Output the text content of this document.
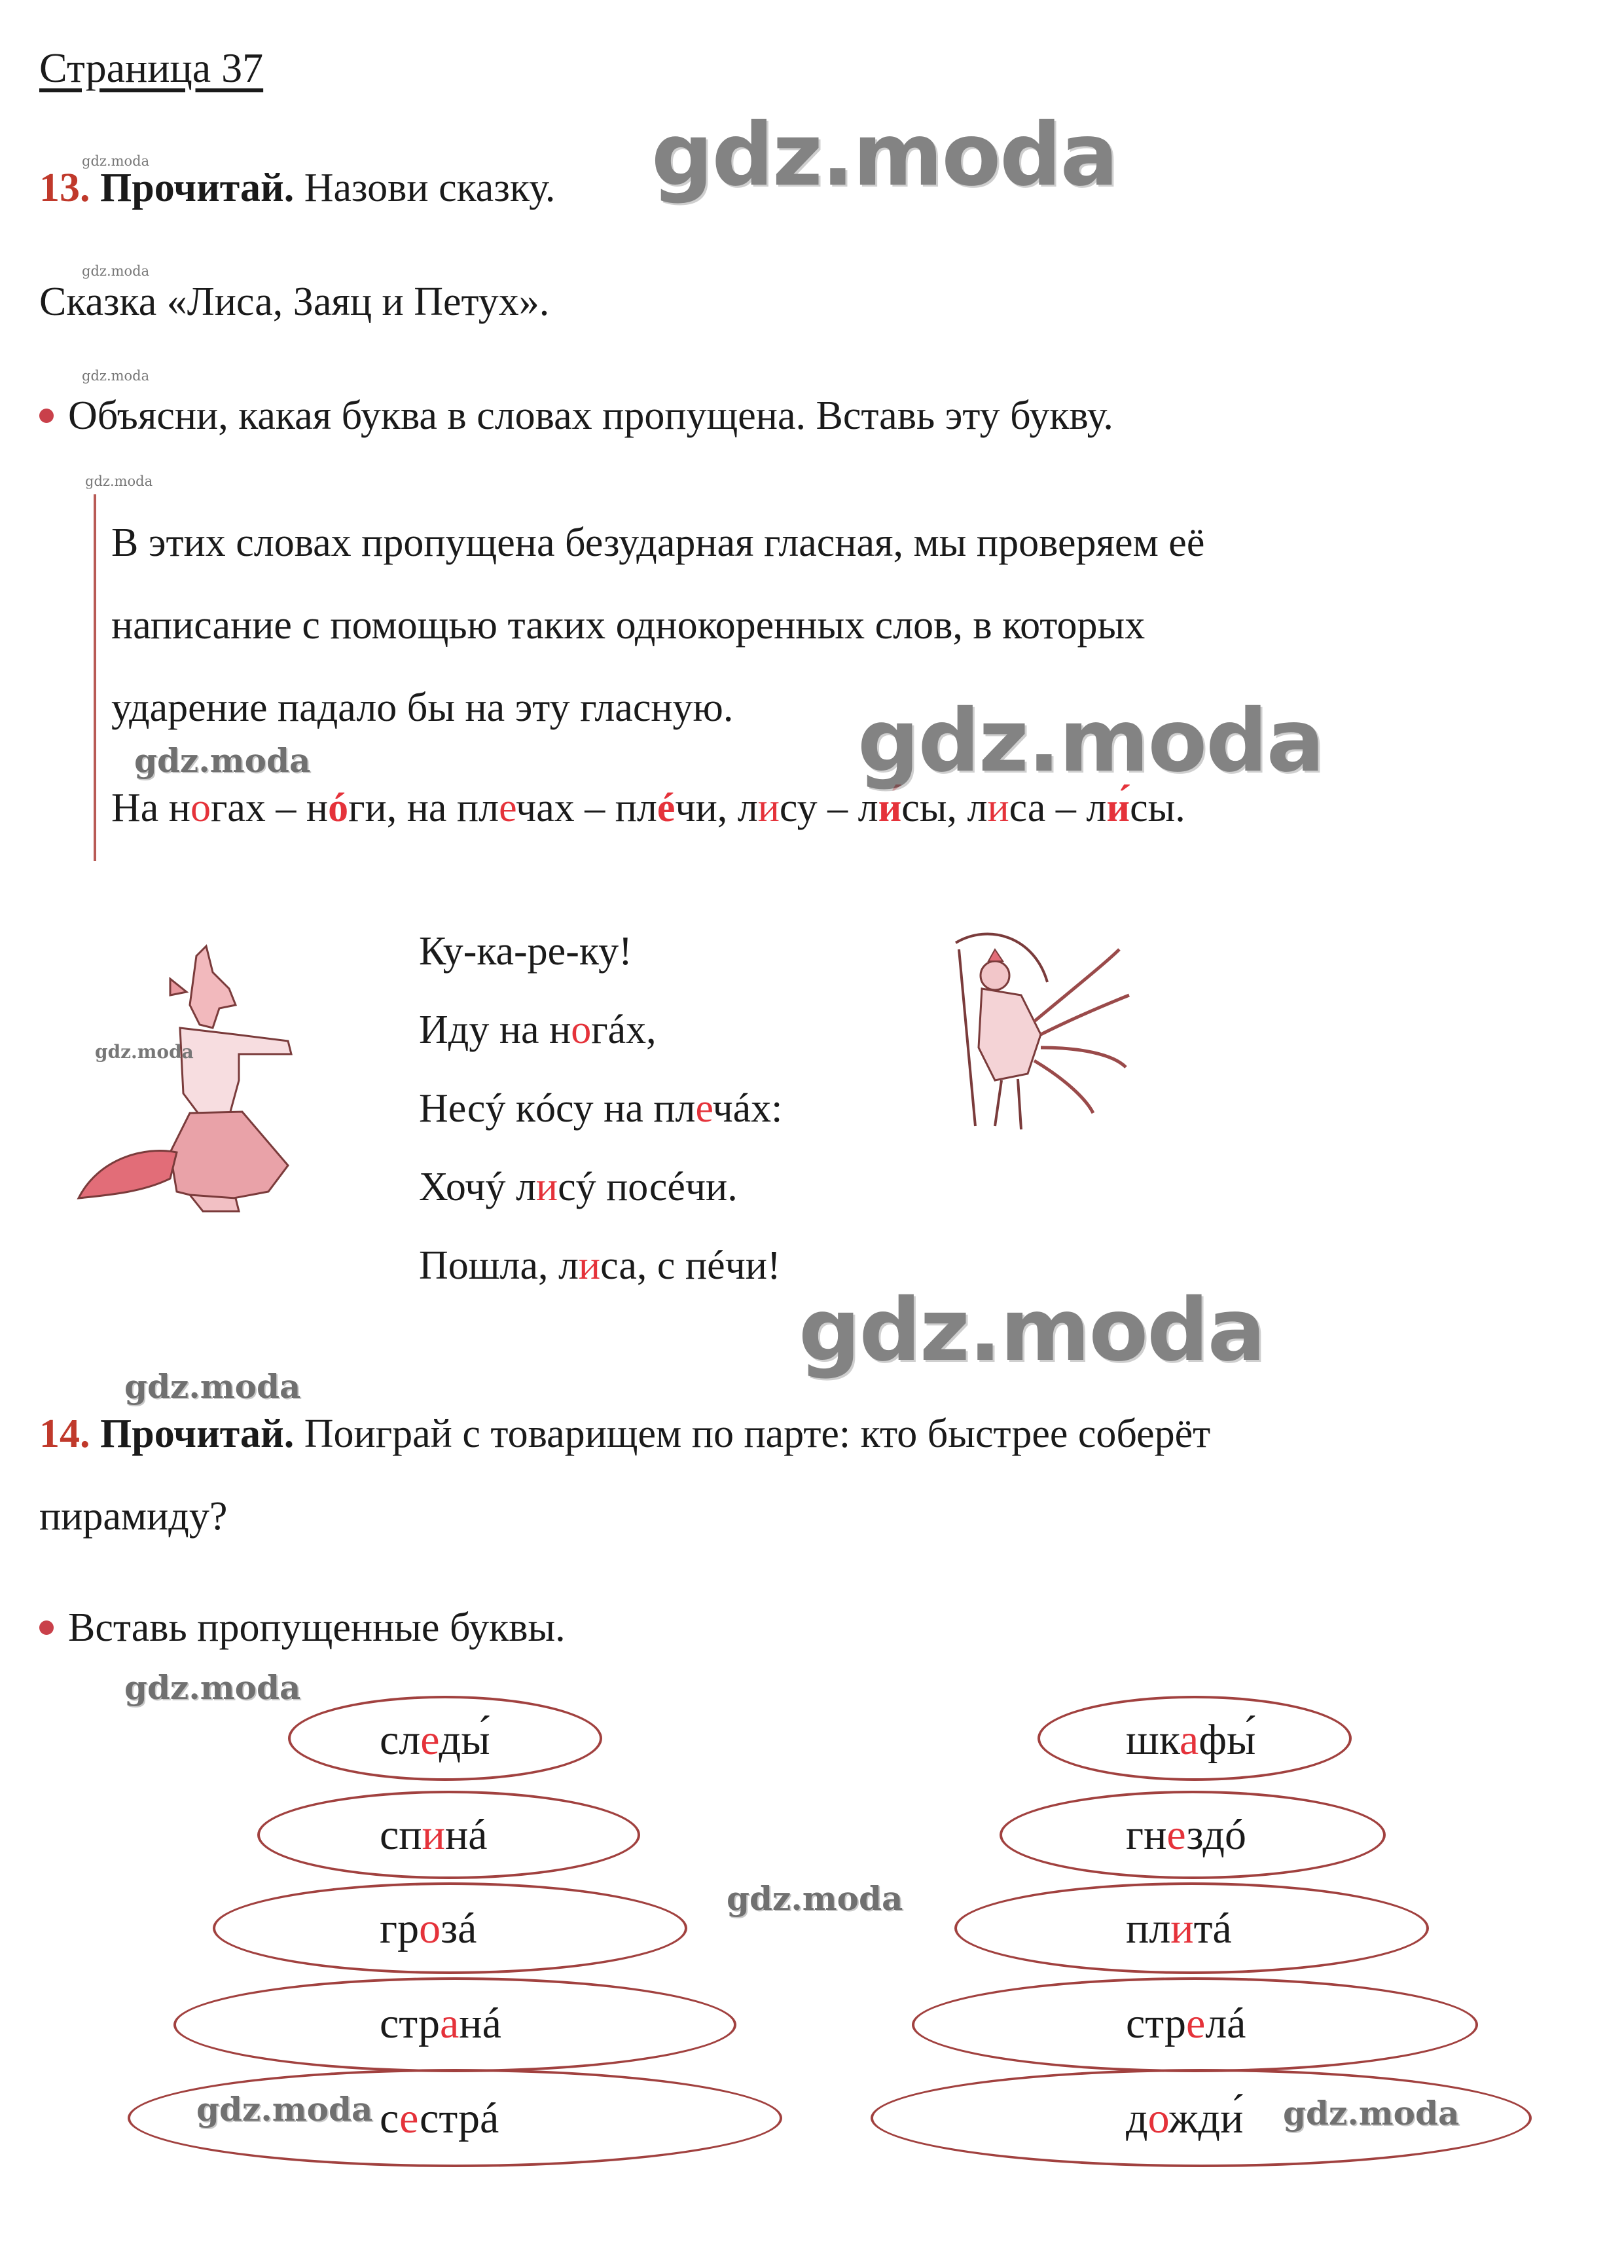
Страница 37
13. Прочитай. Назови сказку.
Сказка «Лиса, Заяц и Петух».
Объясни, какая буква в словах пропущена. Вставь эту букву.
В этих словах пропущена безударная гласная, мы проверяем её
написание с помощью таких однокоренных слов, в которых
ударение падало бы на эту гласную.
На ногах – нóги, на плечах – плéчи, лису – ли́сы, лиса – ли́сы.
Ку-ка-ре-ку!
Иду на ногáх,
Несý кóсу на плечáх:
Хочý лисý посéчи.
Пошла, лиса, с пéчи!
14. Прочитай. Поиграй с товарищем по парте: кто быстрее соберёт
пирамиду?
Вставь пропущенные буквы.
следы́
спинá
грозá
странá
сестрá
шкафы́
гнездó
плитá
стрелá
дожди́
gdz.moda
gdz.moda
gdz.moda
gdz.moda
gdz.moda
gdz.moda
gdz.moda
gdz.moda	gdz.moda
gdz.moda
gdz.moda
gdz.moda
gdz.moda
gdz.moda
